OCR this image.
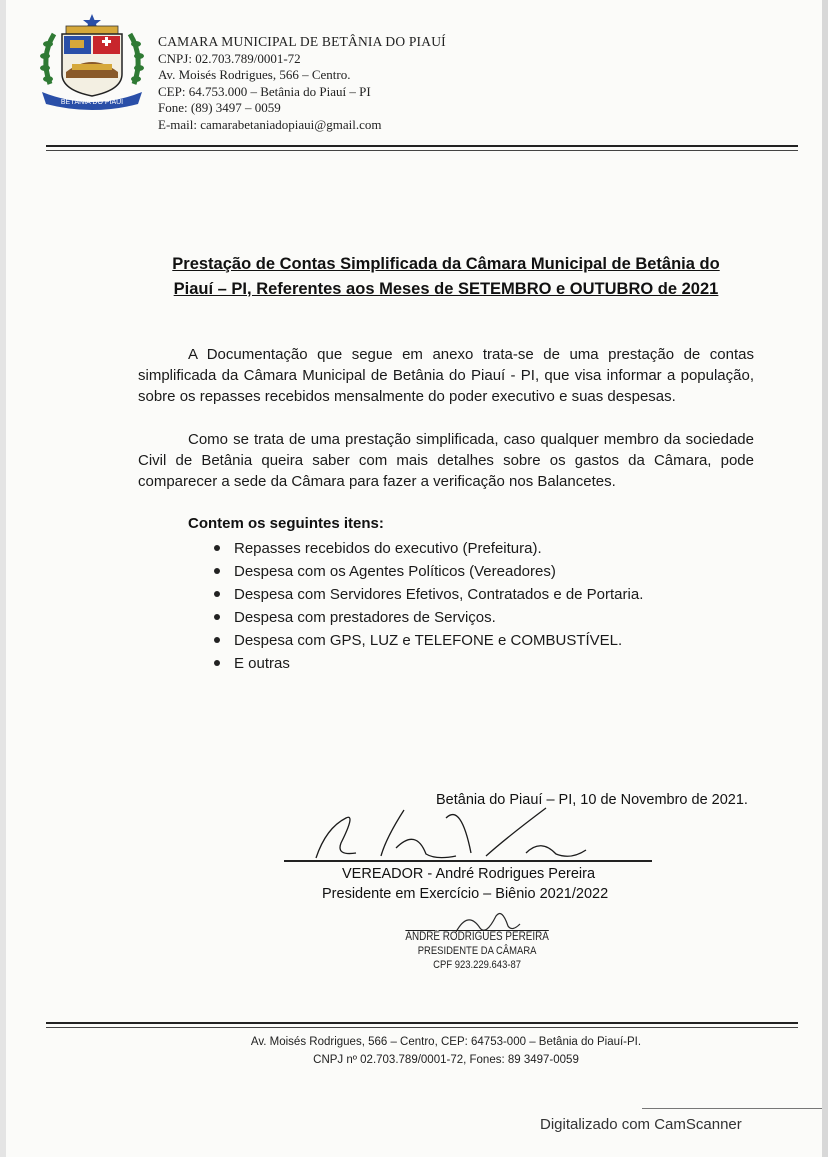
BETÂNIA DO PIAUÍ
CAMARA MUNICIPAL DE BETÂNIA DO PIAUÍ
CNPJ: 02.703.789/0001-72
Av. Moisés Rodrigues, 566 – Centro.
CEP: 64.753.000 – Betânia do Piauí – PI
Fone: (89) 3497 – 0059
E-mail: camarabetaniadopiaui@gmail.com
Prestação de Contas Simplificada da Câmara Municipal de Betânia do
Piauí – PI, Referentes aos Meses de SETEMBRO e OUTUBRO de 2021
A Documentação que segue em anexo trata-se de uma prestação de contas simplificada da Câmara Municipal de Betânia do Piauí - PI, que visa informar a população, sobre os repasses recebidos mensalmente do poder executivo e suas despesas.
Como se trata de uma prestação simplificada, caso qualquer membro da sociedade Civil de Betânia queira saber com mais detalhes sobre os gastos da Câmara, pode comparecer a sede da Câmara para fazer a verificação nos Balancetes.
Contem os seguintes itens:
Repasses recebidos do executivo (Prefeitura).
Despesa com os Agentes Políticos (Vereadores)
Despesa com Servidores Efetivos, Contratados e de Portaria.
Despesa com prestadores de Serviços.
Despesa com GPS, LUZ e TELEFONE e COMBUSTÍVEL.
E outras
Betânia do Piauí – PI, 10 de Novembro de 2021.
VEREADOR - André Rodrigues Pereira
Presidente em Exercício – Biênio 2021/2022
ANDRÉ RODRIGUES PEREIRA
PRESIDENTE DA CÂMARA
CPF 923.229.643-87
Av. Moisés Rodrigues, 566 – Centro, CEP: 64753-000 – Betânia do Piauí-PI.
CNPJ nº 02.703.789/0001-72, Fones: 89 3497-0059
Digitalizado com CamScanner
